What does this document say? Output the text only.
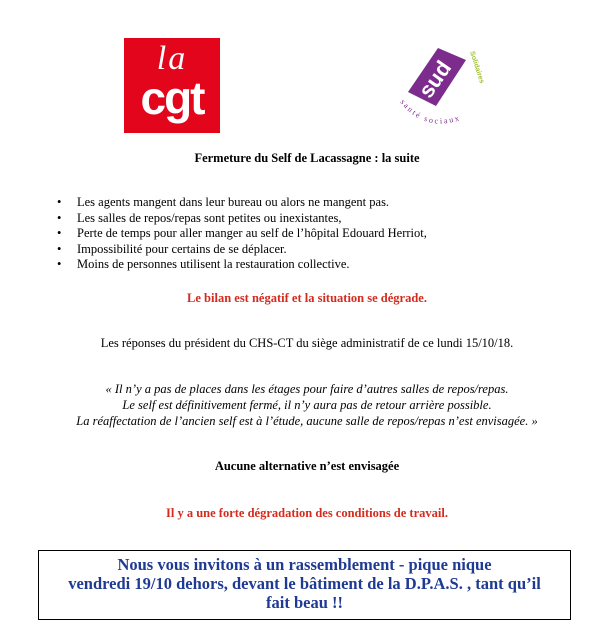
la
cgt	sud Solidaires
santé sociaux
Fermeture du Self de Lacassagne : la suite
• Les agents mangent dans leur bureau ou alors ne mangent pas.
• Les salles de repos/repas sont petites ou inexistantes,
• Perte de temps pour aller manger au self de l’hôpital Edouard Herriot,
• Impossibilité pour certains de se déplacer.
• Moins de personnes utilisent la restauration collective.
Le bilan est négatif et la situation se dégrade.
Les réponses du président du CHS-CT du siège administratif de ce lundi 15/10/18.
« Il n’y a pas de places dans les étages pour faire d’autres salles de repos/repas.
Le self est définitivement fermé, il n’y aura pas de retour arrière possible.
La réaffectation de l’ancien self est à l’étude, aucune salle de repos/repas n’est envisagée. »
Aucune alternative n’est envisagée
Il y a une forte dégradation des conditions de travail.
Nous vous invitons à un rassemblement - pique nique
vendredi 19/10 dehors, devant le bâtiment de la D.P.A.S. , tant qu’il
fait beau !!
